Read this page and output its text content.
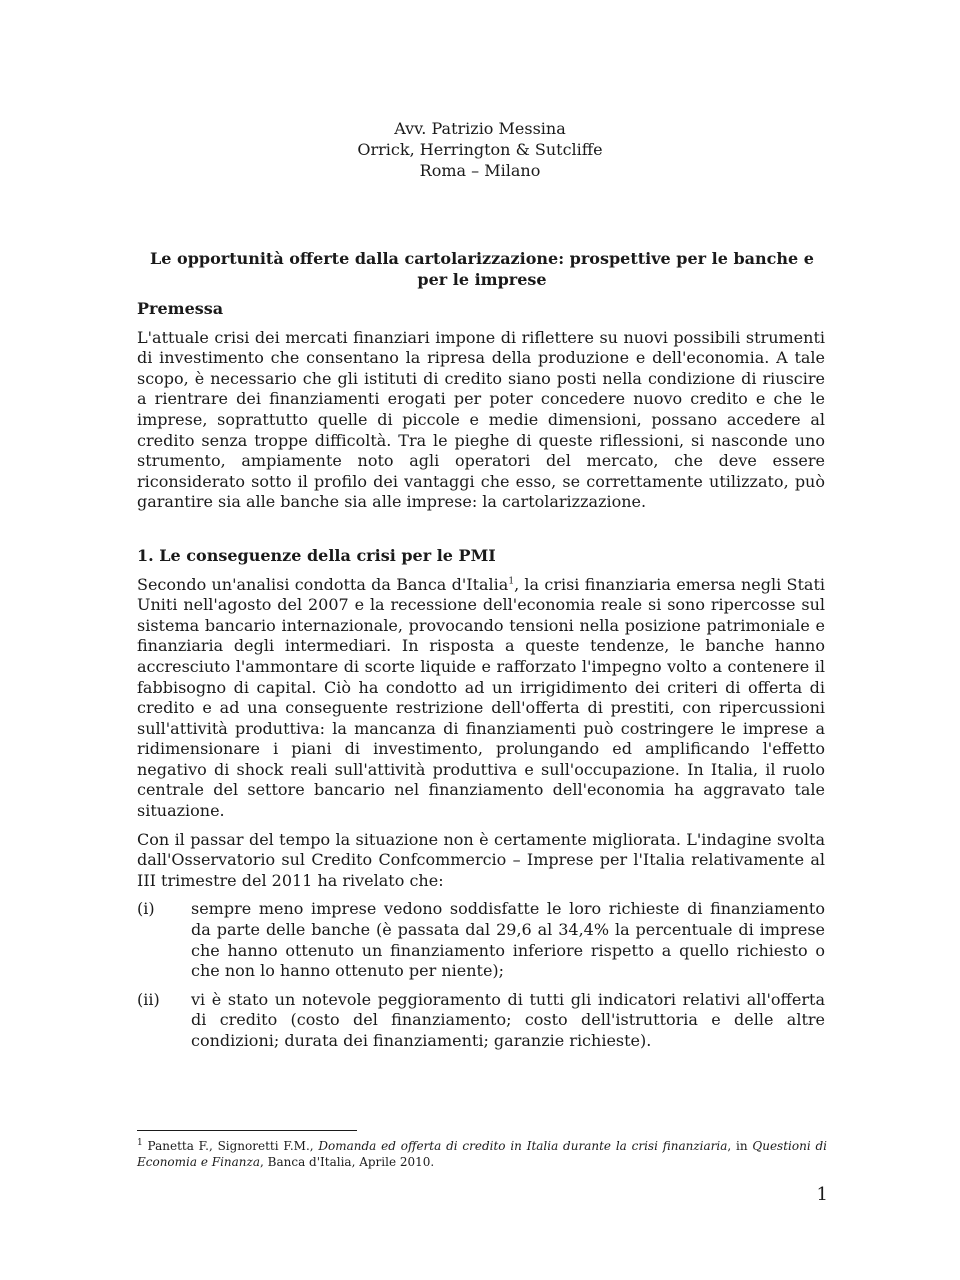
Avv. Patrizio Messina
Orrick, Herrington & Sutcliffe
Roma – Milano
Le opportunità offerte dalla cartolarizzazione: prospettive per le banche e per le imprese

Premessa

L'attuale crisi dei mercati finanziari impone di riflettere su nuovi possibili strumenti di investimento che consentano la ripresa della produzione e dell'economia. A tale scopo, è necessario che gli istituti di credito siano posti nella condizione di riuscire a rientrare dei finanziamenti erogati per poter concedere nuovo credito e che le imprese, soprattutto quelle di piccole e medie dimensioni, possano accedere al credito senza troppe difficoltà. Tra le pieghe di queste riflessioni, si nasconde uno strumento, ampiamente noto agli operatori del mercato, che deve essere riconsiderato sotto il profilo dei vantaggi che esso, se correttamente utilizzato, può garantire sia alle banche sia alle imprese: la cartolarizzazione.

1. Le conseguenze della crisi per le PMI

Secondo un'analisi condotta da Banca d'Italia$^1$, la crisi finanziaria emersa negli Stati Uniti nell'agosto del 2007 e la recessione dell'economia reale si sono ripercosse sul sistema bancario internazionale, provocando tensioni nella posizione patrimoniale e finanziaria degli intermediari. In risposta a queste tendenze, le banche hanno accresciuto l'ammontare di scorte liquide e rafforzato l'impegno volto a contenere il fabbisogno di capital. Ciò ha condotto ad un irrigidimento dei criteri di offerta di credito e ad una conseguente restrizione dell'offerta di prestiti, con ripercussioni sull'attività produttiva: la mancanza di finanziamenti può costringere le imprese a ridimensionare i piani di investimento, prolungando ed amplificando l'effetto negativo di shock reali sull'attività produttiva e sull'occupazione. In Italia, il ruolo centrale del settore bancario nel finanziamento dell'economia ha aggravato tale situazione.

Con il passar del tempo la situazione non è certamente migliorata. L'indagine svolta dall'Osservatorio sul Credito Confcommercio – Imprese per l'Italia relativamente al III trimestre del 2011 ha rivelato che:

(i)	sempre meno imprese vedono soddisfatte le loro richieste di finanziamento da parte delle banche (è passata dal 29,6 al 34,4% la percentuale di imprese che hanno ottenuto un finanziamento inferiore rispetto a quello richiesto o che non lo hanno ottenuto per niente);
(ii)	vi è stato un notevole peggioramento di tutti gli indicatori relativi all'offerta di credito (costo del finanziamento; costo dell'istruttoria e delle altre condizioni; durata dei finanziamenti; garanzie richieste).
$^1$ Panetta F., Signoretti F.M., Domanda ed offerta di credito in Italia durante la crisi finanziaria, in Questioni di Economia e Finanza, Banca d'Italia, Aprile 2010.
1
